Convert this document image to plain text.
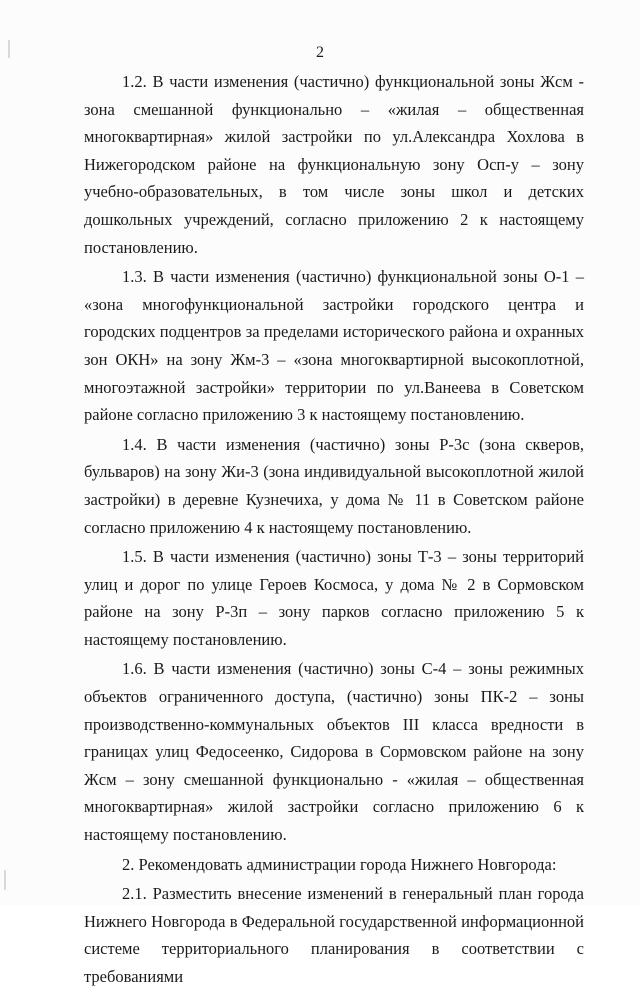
2

1.2. В части изменения (частично) функциональной зоны Жсм - зона смешанной функционально – «жилая – общественная многоквартирная» жилой застройки по ул.Александра Хохлова в Нижегородском районе на функциональную зону Осп-у – зону учебно-образовательных, в том числе зоны школ и детских дошкольных учреждений, согласно приложению 2 к настоящему постановлению.

1.3. В части изменения (частично) функциональной зоны О-1 – «зона многофункциональной застройки городского центра и городских подцентров за пределами исторического района и охранных зон ОКН» на зону Жм-3 – «зона многоквартирной высокоплотной, многоэтажной застройки» территории по ул.Ванеева в Советском районе согласно приложению 3 к настоящему постановлению.

1.4. В части изменения (частично) зоны Р-3с (зона скверов, бульваров) на зону Жи-3 (зона индивидуальной высокоплотной жилой застройки) в деревне Кузнечиха, у дома № 11 в Советском районе согласно приложению 4 к настоящему постановлению.

1.5. В части изменения (частично) зоны Т-3 – зоны территорий улиц и дорог по улице Героев Космоса, у дома № 2 в Сормовском районе на зону Р-3п – зону парков согласно приложению 5 к настоящему постановлению.

1.6. В части изменения (частично) зоны С-4 – зоны режимных объектов ограниченного доступа, (частично) зоны ПК-2 – зоны производственно-коммунальных объектов III класса вредности в границах улиц Федосеенко, Сидорова в Сормовском районе на зону Жсм – зону смешанной функционально - «жилая – общественная многоквартирная» жилой застройки согласно приложению 6 к настоящему постановлению.

2. Рекомендовать администрации города Нижнего Новгорода:

2.1. Разместить внесение изменений в генеральный план города Нижнего Новгорода в Федеральной государственной информационной системе территориального планирования в соответствии с требованиями
